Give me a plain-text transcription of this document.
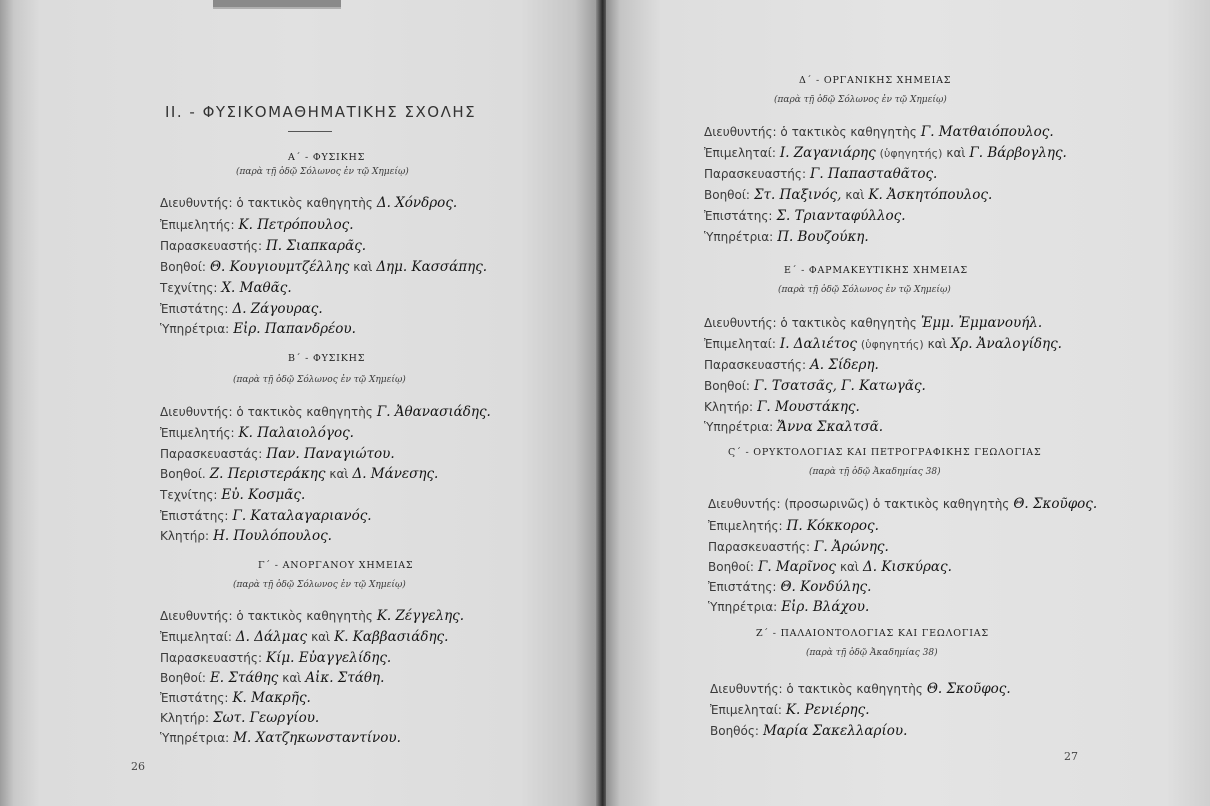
ΙΙ. - ΦΥΣΙΚΟΜΑΘΗΜΑΤΙΚΗΣ ΣΧΟΛΗΣ
Α΄ - ΦΥΣΙΚΗΣ
(παρὰ τῇ ὁδῷ Σόλωνος ἐν τῷ Χημείῳ)
Διευθυντής: ὁ τακτικὸς καθηγητὴς Δ. Χόνδρος.
Ἐπιμελητής: Κ. Πετρόπουλος.
Παρασκευαστής: Π. Σιαπκαρᾶς.
Βοηθοί: Θ. Κουγιουμτζέλλης καὶ Δημ. Κασσάπης.
Τεχνίτης: Χ. Μαθᾶς.
Ἐπιστάτης: Δ. Ζάγουρας.
Ὑπηρέτρια: Εἰρ. Παπανδρέου.
Β΄ - ΦΥΣΙΚΗΣ
(παρὰ τῇ ὁδῷ Σόλωνος ἐν τῷ Χημείῳ)
Διευθυντής: ὁ τακτικὸς καθηγητὴς Γ. Ἀθανασιάδης.
Ἐπιμελητής: Κ. Παλαιολόγος.
Παρασκευαστάς: Παν. Παναγιώτου.
Βοηθοί. Ζ. Περιστεράκης καὶ Δ. Μάνεσης.
Τεχνίτης: Εὐ. Κοσμᾶς.
Ἐπιστάτης: Γ. Καταλαγαριανός.
Κλητήρ: Η. Πουλόπουλος.
Γ΄ - ΑΝΟΡΓΑΝΟΥ ΧΗΜΕΙΑΣ
(παρὰ τῇ ὁδῷ Σόλωνος ἐν τῷ Χημείῳ)
Διευθυντής: ὁ τακτικὸς καθηγητὴς Κ. Ζέγγελης.
Ἐπιμεληταί: Δ. Δάλμας καὶ Κ. Καββασιάδης.
Παρασκευαστής: Κίμ. Εὐαγγελίδης.
Βοηθοί: Ε. Στάθης καὶ Αἰκ. Στάθη.
Ἐπιστάτης: Κ. Μακρῆς.
Κλητήρ: Σωτ. Γεωργίου.
Ὑπηρέτρια: Μ. Χατζηκωνσταντίνου.
26
Δ΄ - ΟΡΓΑΝΙΚΗΣ ΧΗΜΕΙΑΣ
(παρὰ τῇ ὁδῷ Σόλωνος ἐν τῷ Χημείῳ)
Διευθυντής: ὁ τακτικὸς καθηγητὴς Γ. Ματθαιόπουλος.
Ἐπιμεληταί: Ι. Ζαγανιάρης (ὑφηγητής) καὶ Γ. Βάρβογλης.
Παρασκευαστής: Γ. Παπασταθᾶτος.
Βοηθοί: Στ. Παξινός, καὶ Κ. Ἀσκητόπουλος.
Ἐπιστάτης: Σ. Τριανταφύλλος.
Ὑπηρέτρια: Π. Βουζούκη.
Ε΄ - ΦΑΡΜΑΚΕΥΤΙΚΗΣ ΧΗΜΕΙΑΣ
(παρὰ τῇ ὁδῷ Σόλωνος ἐν τῷ Χημείῳ)
Διευθυντής: ὁ τακτικὸς καθηγητὴς Ἐμμ. Ἐμμανουήλ.
Ἐπιμεληταί: Ι. Δαλιέτος (ὑφηγητής) καὶ Χρ. Ἀναλογίδης.
Παρασκευαστής: Α. Σίδερη.
Βοηθοί: Γ. Τσατσᾶς, Γ. Κατωγᾶς.
Κλητήρ: Γ. Μουστάκης.
Ὑπηρέτρια: Ἄννα Σκαλτσᾶ.
Ϛ΄ - ΟΡΥΚΤΟΛΟΓΙΑΣ ΚΑΙ ΠΕΤΡΟΓΡΑΦΙΚΗΣ ΓΕΩΛΟΓΙΑΣ
(παρὰ τῇ ὁδῷ Ἀκαδημίας 38)
Διευθυντής: (προσωρινῶς) ὁ τακτικὸς καθηγητὴς Θ. Σκοῦφος.
Ἐπιμελητής: Π. Κόκκορος.
Παρασκευαστής: Γ. Ἀρώνης.
Βοηθοί: Γ. Μαρῖνος καὶ Δ. Κισκύρας.
Ἐπιστάτης: Θ. Κονδύλης.
Ὑπηρέτρια: Εἰρ. Βλάχου.
Ζ΄ - ΠΑΛΑΙΟΝΤΟΛΟΓΙΑΣ ΚΑΙ ΓΕΩΛΟΓΙΑΣ
(παρὰ τῇ ὁδῷ Ἀκαδημίας 38)
Διευθυντής: ὁ τακτικὸς καθηγητὴς Θ. Σκοῦφος.
Ἐπιμεληταί: Κ. Ρενιέρης.
Βοηθός: Μαρία Σακελλαρίου.
27
